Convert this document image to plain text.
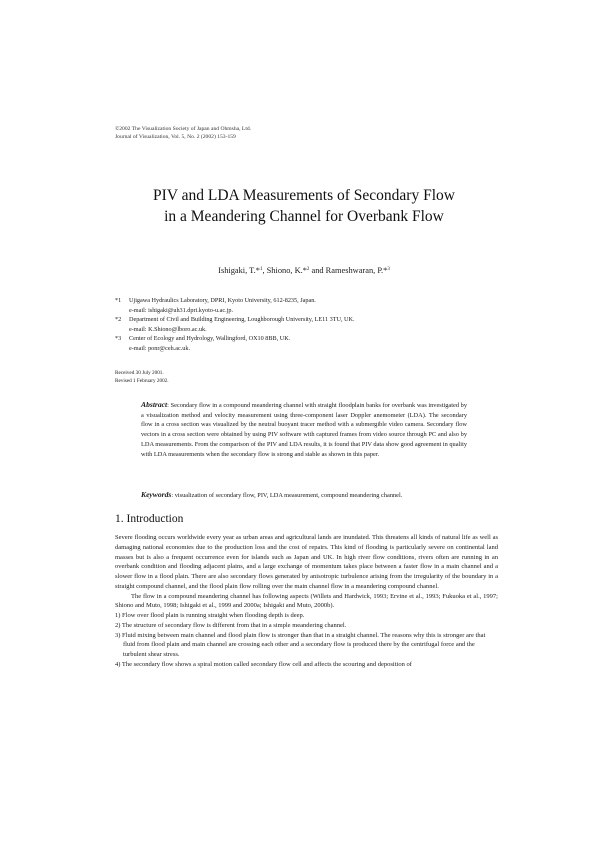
©2002 The Visualization Society of Japan and Ohmsha, Ltd.
Journal of Visualization, Vol. 5, No. 2 (2002) 153-159
PIV and LDA Measurements of Secondary Flow
in a Meandering Channel for Overbank Flow
Ishigaki, T.*$^1$, Shiono, K.*$^2$ and Rameshwaran, P.*$^3$
*1 Ujigawa Hydraulics Laboratory, DPRI, Kyoto University, 612-8235, Japan.
e-mail: ishigaki@uh31.dpri.kyoto-u.ac.jp.
*2 Department of Civil and Building Engineering, Loughborough University, LE11 3TU, UK.
e-mail: K.Shiono@lboro.ac.uk.
*3 Center of Ecology and Hydrology, Wallingford, OX10 8BB, UK.
e-mail: ponr@ceh.ac.uk.
Received 30 July 2001.
Revised 1 February 2002.
Abstract: Secondary flow in a compound meandering channel with straight floodplain banks for overbank was investigated by a visualization method and velocity measurement using three-component laser Doppler anemometer (LDA). The secondary flow in a cross section was visualized by the neutral buoyant tracer method with a submergible video camera. Secondary flow vectors in a cross section were obtained by using PIV software with captured frames from video source through PC and also by LDA measurements. From the comparison of the PIV and LDA results, it is found that PIV data show good agreement in quality with LDA measurements when the secondary flow is strong and stable as shown in this paper.
Keywords: visualization of secondary flow, PIV, LDA measurement, compound meandering channel.
1. Introduction

Severe flooding occurs worldwide every year as urban areas and agricultural lands are inundated. This threatens all kinds of natural life as well as damaging national economies due to the production loss and the cost of repairs. This kind of flooding is particularly severe on continental land masses but is also a frequent occurrence even for islands such as Japan and UK. In high river flow conditions, rivers often are running in an overbank condition and flooding adjacent plains, and a large exchange of momentum takes place between a faster flow in a main channel and a slower flow in a flood plain. There are also secondary flows generated by anisotropic turbulence arising from the irregularity of the boundary in a straight compound channel, and the flood plain flow rolling over the main channel flow in a meandering compound channel.

The flow in a compound meandering channel has following aspects (Willets and Hardwick, 1993; Ervine et al., 1993; Fukuoka et al., 1997; Shiono and Muto, 1998; Ishigaki et al., 1999 and 2000a; Ishigaki and Muto, 2000b).

1) Flow over flood plain is running straight when flooding depth is deep.
2) The structure of secondary flow is different from that in a simple meandering channel.
3) Fluid mixing between main channel and flood plain flow is stronger than that in a straight channel. The reasons why this is stronger are that fluid from flood plain and main channel are crossing each other and a secondary flow is produced there by the centrifugal force and the turbulent shear stress.
4) The secondary flow shows a spiral motion called secondary flow cell and affects the scouring and deposition of
